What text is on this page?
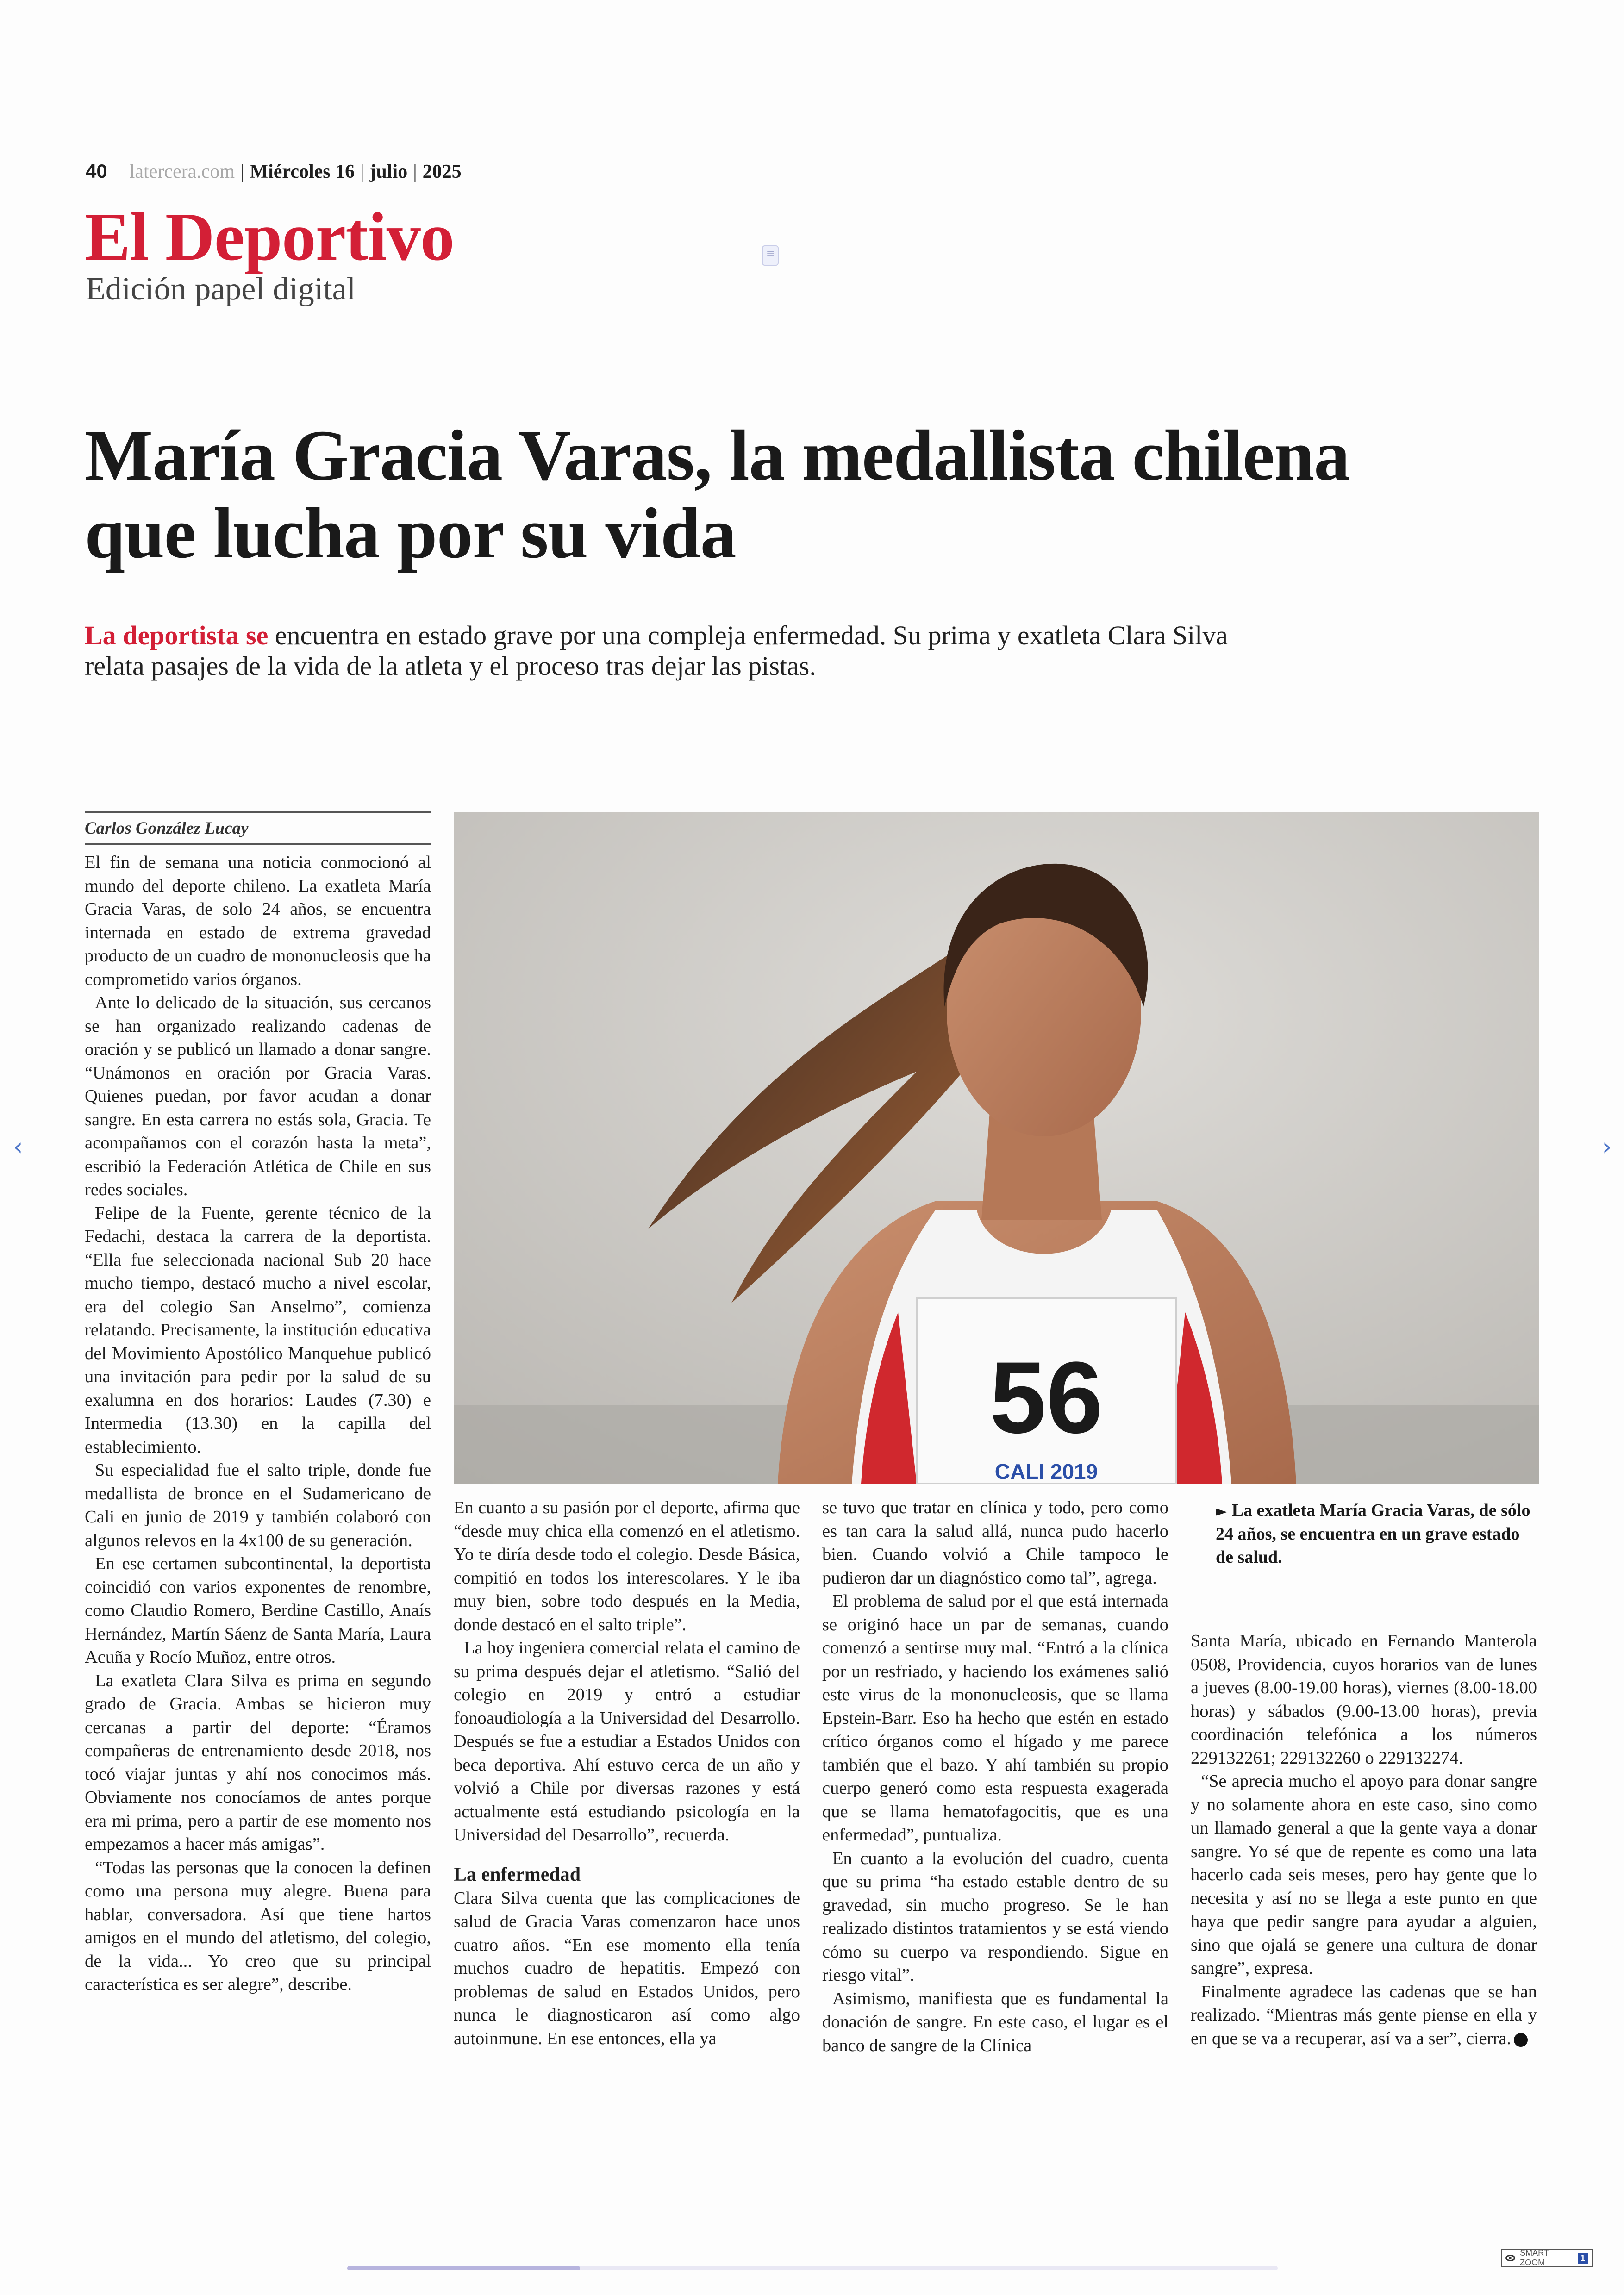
40 latercera.com | Miércoles 16 | julio | 2025
El Deportivo
Edición papel digital
≡
María Gracia Varas, la medallista chilena que lucha por su vida
La deportista se encuentra en estado grave por una compleja enfermedad. Su prima y exatleta Clara Silva relata pasajes de la vida de la atleta y el proceso tras dejar las pistas.
Carlos González Lucay

El fin de semana una noticia conmocionó al mundo del deporte chileno. La exatleta María Gracia Varas, de solo 24 años, se encuentra internada en estado de extrema gravedad producto de un cuadro de mononucleosis que ha comprometido varios órganos.

Ante lo delicado de la situación, sus cercanos se han organizado realizando cadenas de oración y se publicó un llamado a donar sangre. “Unámonos en oración por Gracia Varas. Quienes puedan, por favor acudan a donar sangre. En esta carrera no estás sola, Gracia. Te acompañamos con el corazón hasta la meta”, escribió la Federación Atlética de Chile en sus redes sociales.

Felipe de la Fuente, gerente técnico de la Fedachi, destaca la carrera de la deportista. “Ella fue seleccionada nacional Sub 20 hace mucho tiempo, destacó mucho a nivel escolar, era del colegio San Anselmo”, comienza relatando. Precisamente, la institución educativa del Movimiento Apostólico Manquehue publicó una invitación para pedir por la salud de su exalumna en dos horarios: Laudes (7.30) e Intermedia (13.30) en la capilla del establecimiento.

Su especialidad fue el salto triple, donde fue medallista de bronce en el Sudamericano de Cali en junio de 2019 y también colaboró con algunos relevos en la 4x100 de su generación.

En ese certamen subcontinental, la deportista coincidió con varios exponentes de renombre, como Claudio Romero, Berdine Castillo, Anaís Hernández, Martín Sáenz de Santa María, Laura Acuña y Rocío Muñoz, entre otros.

La exatleta Clara Silva es prima en segundo grado de Gracia. Ambas se hicieron muy cercanas a partir del deporte: “Éramos compañeras de entrenamiento desde 2018, nos tocó viajar juntas y ahí nos conocimos más. Obviamente nos conocíamos de antes porque era mi prima, pero a partir de ese momento nos empezamos a hacer más amigas”.

“Todas las personas que la conocen la definen como una persona muy alegre. Buena para hablar, conversadora. Así que tiene hartos amigos en el mundo del atletismo, del colegio, de la vida... Yo creo que su principal característica es ser alegre”, describe.

56
CALI 2019

En cuanto a su pasión por el deporte, afirma que “desde muy chica ella comenzó en el atletismo. Yo te diría desde todo el colegio. Desde Básica, compitió en todos los interescolares. Y le iba muy bien, sobre todo después en la Media, donde destacó en el salto triple”.

La hoy ingeniera comercial relata el camino de su prima después dejar el atletismo. “Salió del colegio en 2019 y entró a estudiar fonoaudiología a la Universidad del Desarrollo. Después se fue a estudiar a Estados Unidos con beca deportiva. Ahí estuvo cerca de un año y volvió a Chile por diversas razones y está actualmente está estudiando psicología en la Universidad del Desarrollo”, recuerda.

La enfermedad

Clara Silva cuenta que las complicaciones de salud de Gracia Varas comenzaron hace unos cuatro años. “En ese momento ella tenía muchos cuadro de hepatitis. Empezó con problemas de salud en Estados Unidos, pero nunca le diagnosticaron así como algo autoinmune. En ese entonces, ella ya

se tuvo que tratar en clínica y todo, pero como es tan cara la salud allá, nunca pudo hacerlo bien. Cuando volvió a Chile tampoco le pudieron dar un diagnóstico como tal”, agrega.

El problema de salud por el que está internada se originó hace un par de semanas, cuando comenzó a sentirse muy mal. “Entró a la clínica por un resfriado, y haciendo los exámenes salió este virus de la mononucleosis, que se llama Epstein-Barr. Eso ha hecho que estén en estado crítico órganos como el hígado y me parece también que el bazo. Y ahí también su propio cuerpo generó como esta respuesta exagerada que se llama hematofagocitis, que es una enfermedad”, puntualiza.

En cuanto a la evolución del cuadro, cuenta que su prima “ha estado estable dentro de su gravedad, sin mucho progreso. Se le han realizado distintos tratamientos y se está viendo cómo su cuerpo va respondiendo. Sigue en riesgo vital”.

Asimismo, manifiesta que es fundamental la donación de sangre. En este caso, el lugar es el banco de sangre de la Clínica

► La exatleta María Gracia Varas, de sólo 24 años, se encuentra en un grave estado de salud.

Santa María, ubicado en Fernando Manterola 0508, Providencia, cuyos horarios van de lunes a jueves (8.00-19.00 horas), viernes (8.00-18.00 horas) y sábados (9.00-13.00 horas), previa coordinación telefónica a los números 229132261; 229132260 o 229132274.

“Se aprecia mucho el apoyo para donar sangre y no solamente ahora en este caso, sino como un llamado general a que la gente vaya a donar sangre. Yo sé que de repente es como una lata hacerlo cada seis meses, pero hay gente que lo necesita y así no se llega a este punto en que haya que pedir sangre para ayudar a alguien, sino que ojalá se genere una cultura de donar sangre”, expresa.

Finalmente agradece las cadenas que se han realizado. “Mientras más gente piense en ella y en que se va a recuperar, así va a ser”, cierra.

‹	›
SMART ZOOM
1
